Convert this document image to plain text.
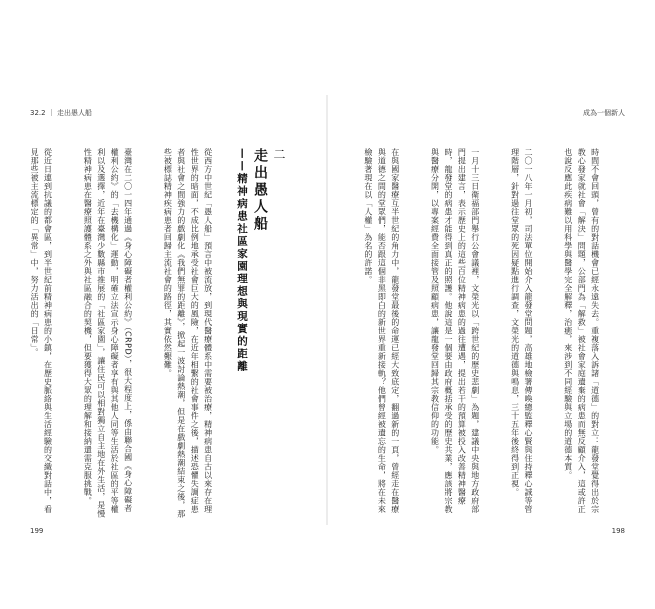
32.2 ｜ 走出愚人船

從西方中世紀「愚人船」預言中被流放，到現代醫療體系中需要被治療，精神病患自古以來存在理性世界的暗面，不成比例地承受社會巨大的風險，在近年相繫的社會事件之後，描述恐懼失調症患者與社會之間強力的戲劇化《我們無罪的距離》，掀起一波討論熱潮，但是在戲劇熱潮結束之後，那些被標誌精神疾病患者回歸主流社會的路徑，其實依然艱難。

臺灣在二〇一四年通過《身心障礙者權利公約》（CRPD），很大程度上，係由聯合國《身心障礙者權利公約》的「去機構化」運動，明確立法宣示身心障礙者享有與其他人同等生活於社區的平等權利以及選擇，近年在臺灣少數縣市推展的「社區家園」，讓住民可以相對獨立自主地在外生活，是慢性精神病患在醫療照護體系之外與社區融合的契機，但要獲得大眾的理解和接納還需克服挑戰。

從近日連到抗議的都會區，到半世紀前精神病患的小鎮，在歷史脈絡與生活經驗的交織對話中，看見那些被主流標定的「異常」中，努力活出的「日常」。	二
走出愚人船
——精神病患社區家園理想與現實的距離
199
成為一個新人
198

時間不會回頭，曾有的對話機會已經永遠失去。重複落入訴諸「道德」的對立：龍發堂覺得出於宗教心發家就社會「解決」問題，公部門為「解救」被社會家庭遺棄的病患而無反顧介入，這或許正也說反應此疾病難以用科學與醫學完全解釋，治癒，來涉到不同經驗與立場的道德本質。

二〇一八年一月初，司法單位開始介入龍發堂問題，高雄地檢署傳喚總監釋心賢與住持釋心誠等管理階層，針對過往堂眾的死因疑點進行調查，文榮光的道德與鳴息，三十五年後終得到正視。

一月十三日衛福部門舉行公會議裡，文榮光以「跨世紀的歷史悲劇」為題，建議中央與地方政府部門提出建言，表示歷史上的這些百位精神病患的過往遭遇，提出若干的預算被投入改善精神醫療時，龍發堂的病患才能得到真正的照護。他說這是一個要由政府概括承受的歷史共業，應該將宗教與醫療分開，以專案經費全面接管及照顧病患，讓龍發堂回歸其宗教信仰的功能。

在與國家醫療互半世紀的角力中，龍發堂最後的命運已經大致底定，翻過新的一頁，曾經走在醫療與道德之間的堂眾們，能否跟這個非黑即白的新世界重新接軌？他們曾經被遺忘的生命，將在未來檢驗著現在以「人權」為名的許諾。
